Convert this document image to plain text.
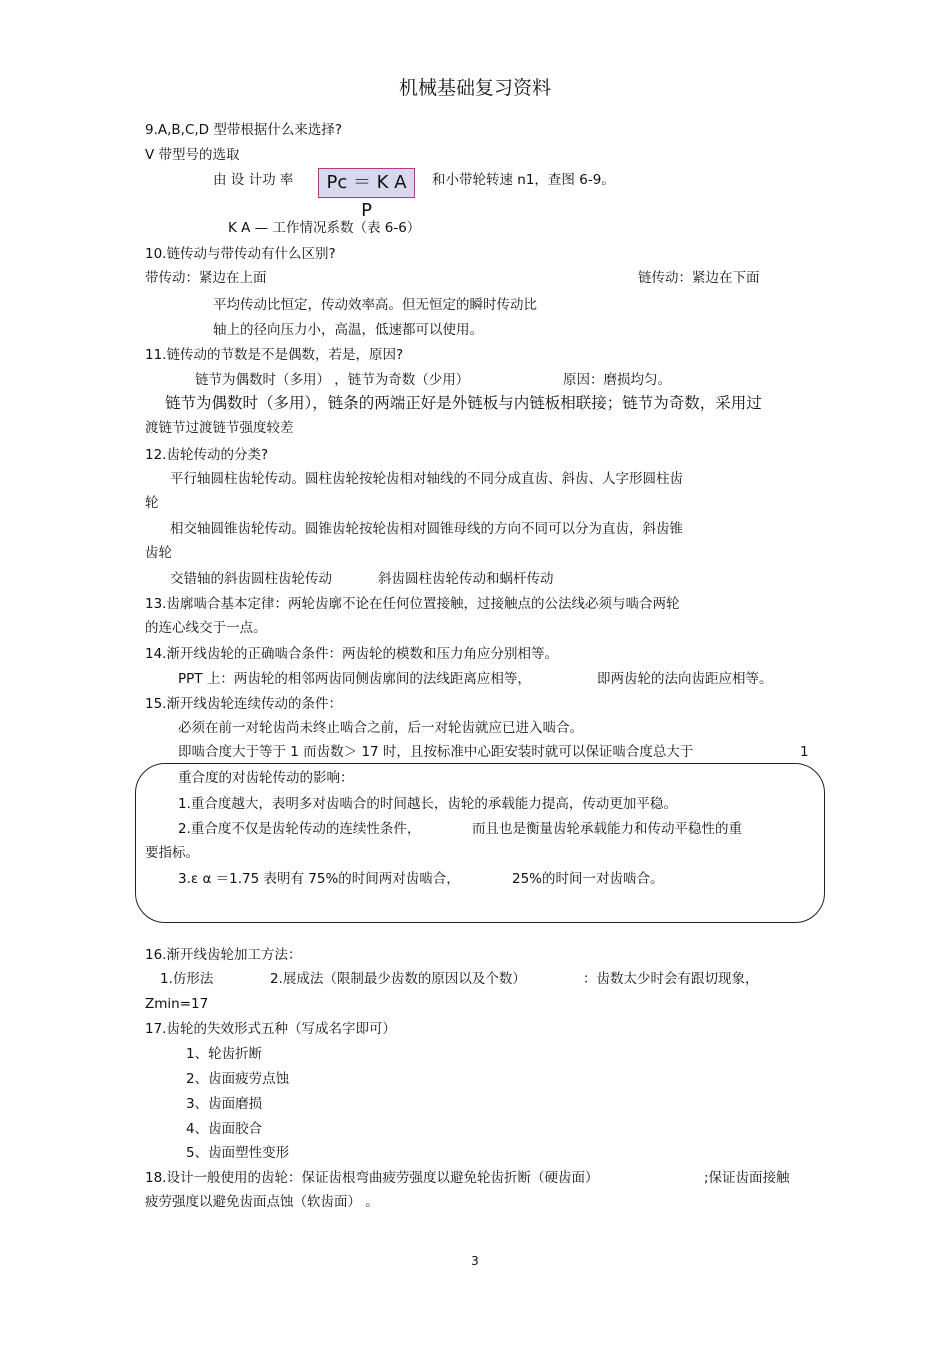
机械基础复习资料
9.A,B,C,D 型带根据什么来选择?
V 带型号的选取
由 设 计功 率	Pc ＝ K A P
和小带轮转速 n1，查图 6-9。
K A — 工作情况系数（表 6-6）
10.链传动与带传动有什么区别?
带传动：紧边在上面	链传动：紧边在下面
平均传动比恒定，传动效率高。但无恒定的瞬时传动比
轴上的径向压力小，高温，低速都可以使用。
11.链传动的节数是不是偶数，若是，原因?
链节为偶数时（多用） ，链节为奇数（少用）	原因：磨损均匀。
链节为偶数时（多用），链条的两端正好是外链板与内链板相联接；链节为奇数，采用过
渡链节过渡链节强度较差
12.齿轮传动的分类?
平行轴圆柱齿轮传动。圆柱齿轮按轮齿相对轴线的不同分成直齿、斜齿、人字形圆柱齿
轮
相交轴圆锥齿轮传动。圆锥齿轮按轮齿相对圆锥母线的方向不同可以分为直齿，斜齿锥
齿轮
交错轴的斜齿圆柱齿轮传动	斜齿圆柱齿轮传动和蜗杆传动
13.齿廓啮合基本定律：两轮齿廓不论在任何位置接触，过接触点的公法线必须与啮合两轮
的连心线交于一点。
14.渐开线齿轮的正确啮合条件：两齿轮的模数和压力角应分别相等。
PPT 上：两齿轮的相邻两齿同侧齿廓间的法线距离应相等，	即两齿轮的法向齿距应相等。
15.渐开线齿轮连续传动的条件：
必须在前一对轮齿尚未终止啮合之前，后一对轮齿就应已进入啮合。
即啮合度大于等于 1 而齿数＞ 17 时，且按标准中心距安装时就可以保证啮合度总大于	1
重合度的对齿轮传动的影响：
1.重合度越大，表明多对齿啮合的时间越长，齿轮的承载能力提高，传动更加平稳。
2.重合度不仅是齿轮传动的连续性条件，	而且也是衡量齿轮承载能力和传动平稳性的重
要指标。
3.ε α ＝1.75 表明有 75%的时间两对齿啮合，	25%的时间一对齿啮合。
16.渐开线齿轮加工方法：
1.仿形法	2.展成法（限制最少齿数的原因以及个数）	：齿数太少时会有跟切现象，
Zmin=17
17.齿轮的失效形式五种（写成名字即可）
1、轮齿折断
2、齿面疲劳点蚀
3、齿面磨损
4、齿面胶合
5、齿面塑性变形
18.设计一般使用的齿轮：保证齿根弯曲疲劳强度以避免轮齿折断（硬齿面）	;保证齿面接触
疲劳强度以避免齿面点蚀（软齿面） 。
3
